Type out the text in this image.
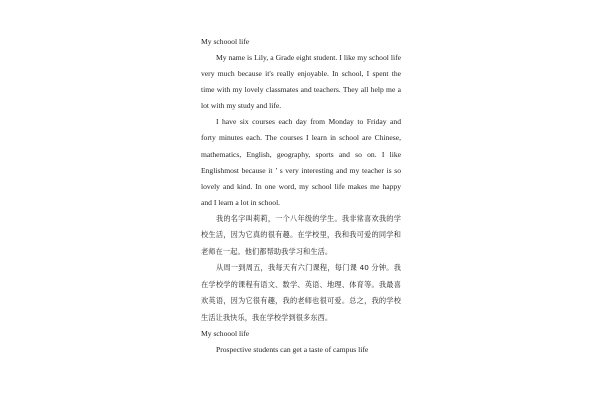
My schoool life

My name is Lily, a Grade eight student. I like my school life very much because it's really enjoyable. In school, I spent the time with my lovely classmates and teachers. They all help me a lot with my study and life.

I have six courses each day from Monday to Friday and forty minutes each. The courses I learn in school are Chinese, mathematics, English, geography, sports and so on. I like Englishmost because it ’ s very interesting and my teacher is so lovely and kind. In one word, my school life makes me happy and I learn a lot in school.

我的名字叫莉莉，一个八年级的学生。我非常喜欢我的学校生活，因为它真的很有趣。在学校里，我和我可爱的同学和老师在一起。他们都帮助我学习和生活。

从周一到周五，我每天有六门课程，每门课 40 分钟。我在学校学的课程有语文、数学、英语、地理、体育等。我最喜欢英语，因为它很有趣，我的老师也很可爱。总之，我的学校生活让我快乐，我在学校学到很多东西。

My schoool life

Prospective students can get a taste of campus life
